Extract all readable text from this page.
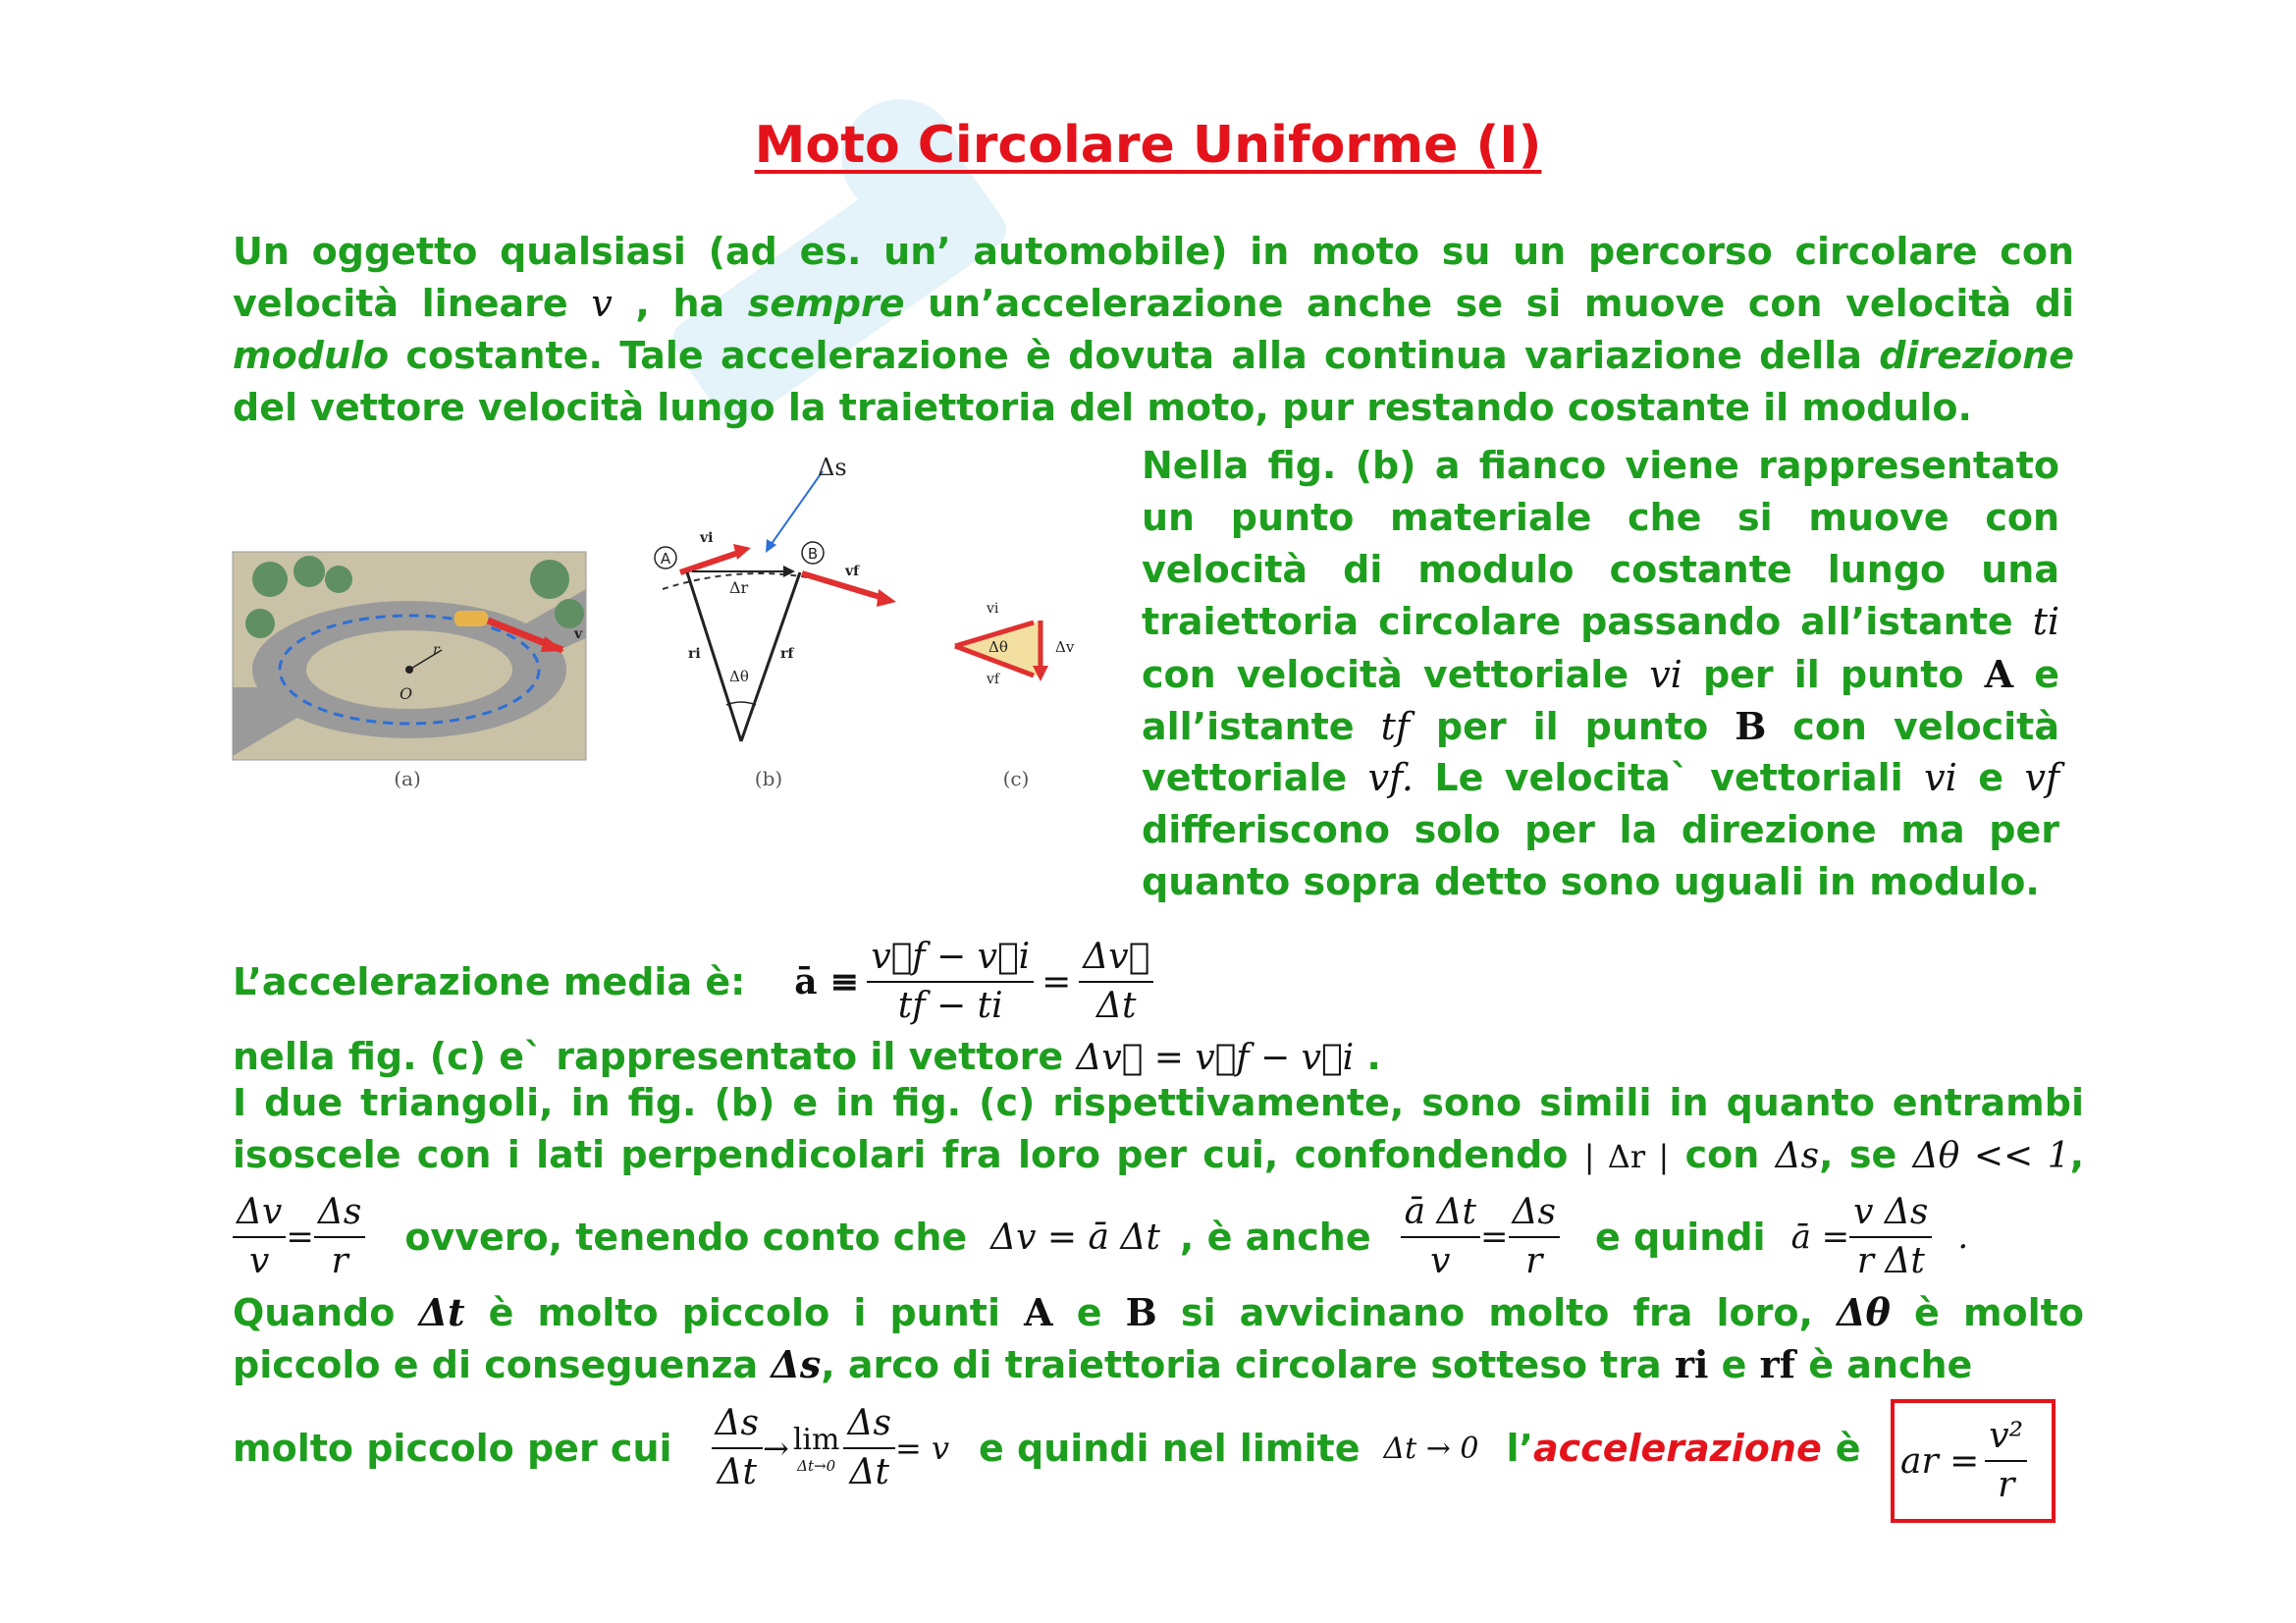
Moto Circolare Uniforme (I)
Un oggetto qualsiasi (ad es. un’ automobile) in moto su un percorso circolare con
velocità lineare v , ha sempre un’accelerazione anche se si muove con velocità di
modulo costante. Tale accelerazione è dovuta alla continua variazione della direzione
del vettore velocità lungo la traiettoria del moto, pur restando costante il modulo.
O
r
v
(a)
A	B
Δs
Δr
vi
vf
ri	rf
Δθ
(b)
vi
vf
Δθ	Δv
(c)
Nella fig. (b) a fianco viene rappresentato
un punto materiale che si muove con
velocità di modulo costante lungo una
traiettoria circolare passando all’istante ti
con velocità vettoriale vi per il punto A e
all’istante tf per il punto B con velocità
vettoriale vf. Le velocita` vettoriali vi e vf
differiscono solo per la direzione ma per
quanto sopra detto sono uguali in modulo.
L’accelerazione media è: ā ≡ $\frac{v⃗f - v⃗i}{tf - ti} = \frac{\Delta v⃗}{\Delta t}$
nella fig. (c) e` rappresentato il vettore Δv⃗ = v⃗f − v⃗i .
I due triangoli, in fig. (b) e in fig. (c) rispettivamente, sono simili in quanto entrambi
isoscele con i lati perpendicolari fra loro per cui, confondendo | Δr | con Δs, se Δθ << 1,
$\frac{\Delta v}{v} = \frac{\Delta s}{r}$ ovvero, tenendo conto che Δv = ā Δt , è anche $\frac{\text{ā Δt}}{v} = \frac{\Delta s}{r}$ e quindi ā = $\frac{\text{v Δs}}{\text{r Δt}}$ .
Quando Δt è molto piccolo i punti A e B si avvicinano molto fra loro, Δθ è molto
piccolo e di conseguenza Δs, arco di traiettoria circolare sotteso tra ri e rf è anche
molto piccolo per cui $\frac{\Delta s}{\Delta t} \to \lim$
$\Delta t\to 0 \frac{\Delta s}{\Delta t} = v$ e quindi nel limite Δt → 0 l’ accelerazione è ar = $\frac{\text{v²}}{r}$
